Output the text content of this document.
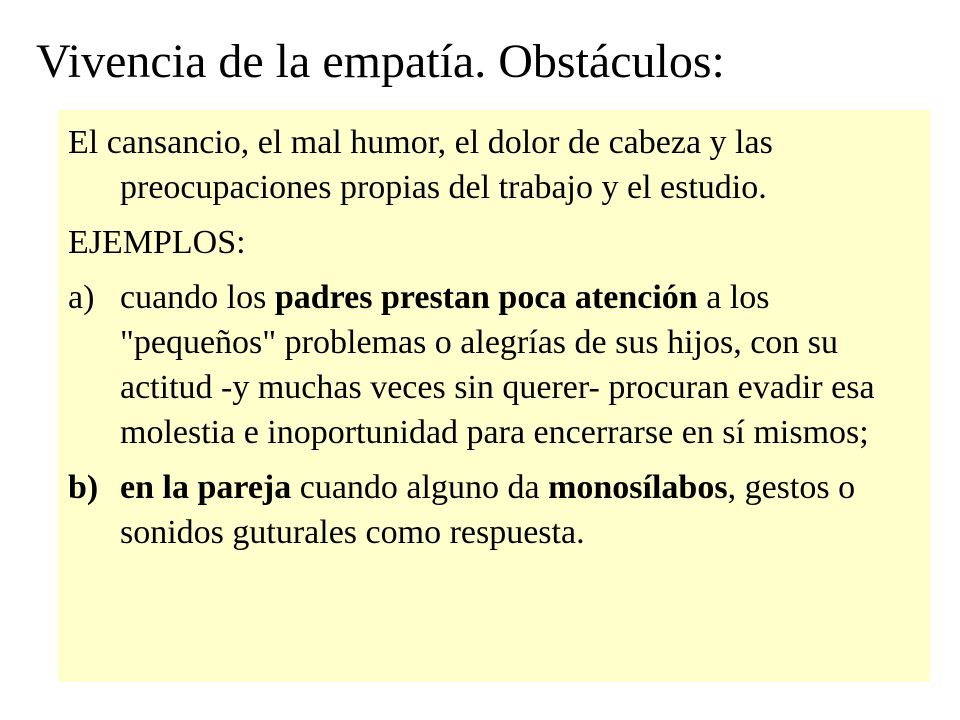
Vivencia de la empatía. Obstáculos:

El cansancio, el mal humor, el dolor de cabeza y las preocupaciones propias del trabajo y el estudio.

EJEMPLOS:

a) cuando los padres prestan poca atención a los "pequeños" problemas o alegrías de sus hijos, con su actitud -y muchas veces sin querer- procuran evadir esa molestia e inoportunidad para encerrarse en sí mismos;
b) en la pareja cuando alguno da monosílabos, gestos o sonidos guturales como respuesta.
